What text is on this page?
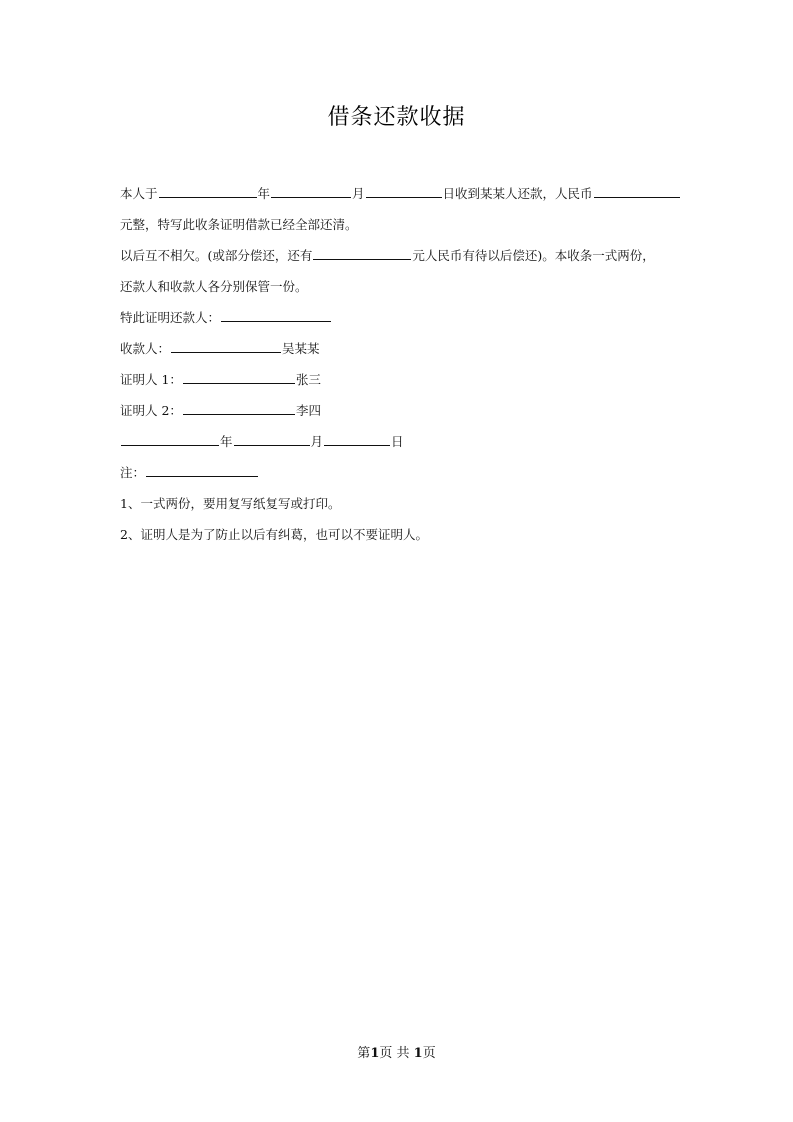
借条还款收据
本人于	年	月	日收到某某人还款，人民币
元整，特写此收条证明借款已经全部还清。
以后互不相欠。(或部分偿还，还有	元人民币有待以后偿还)。本收条一式两份，
还款人和收款人各分别保管一份。
特此证明还款人：
收款人：	吴某某
证明人 1：	张三
证明人 2：	李四
年	月	日
注：
1、一式两份，要用复写纸复写或打印。
2、证明人是为了防止以后有纠葛，也可以不要证明人。
第1页 共 1页
